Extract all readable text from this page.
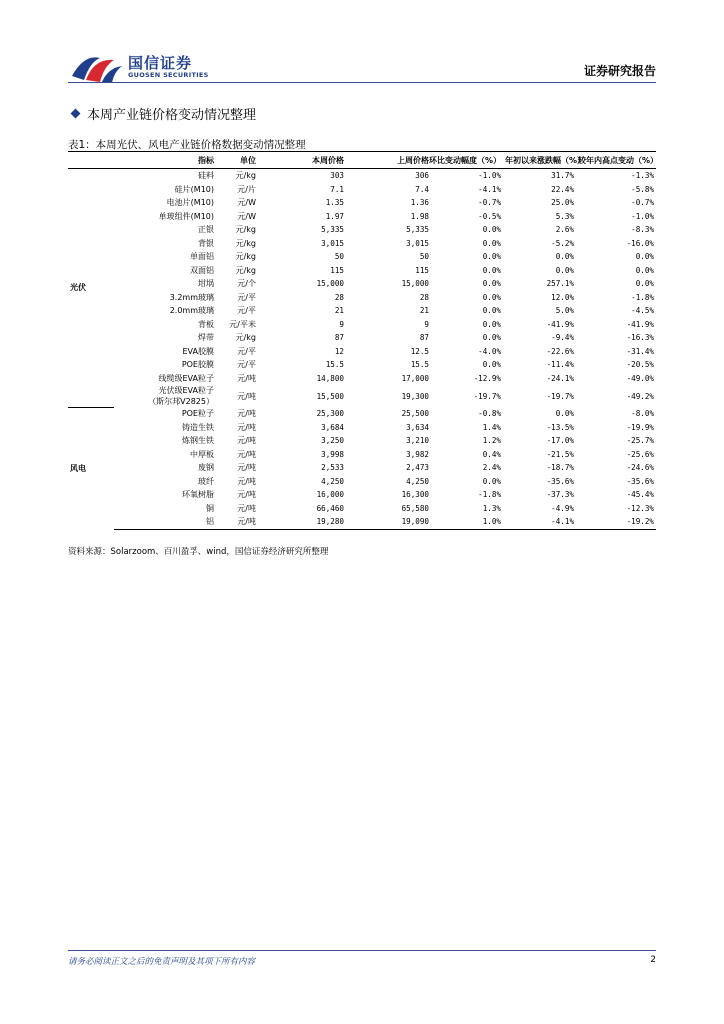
国信证券
GUOSEN SECURITIES	证券研究报告
本周产业链价格变动情况整理
表1：本周光伏、风电产业链价格数据变动情况整理
	指标	单位	本周价格	上周价格环比变动幅度（%）		年初以来涨跌幅（%）	较年内高点变动（%）
光伏	硅料	元/kg	303	306	-1.0%	31.7%	-1.3%
	硅片(M10)	元/片	7.1	7.4	-4.1%	22.4%	-5.8%
	电池片(M10)	元/W	1.35	1.36	-0.7%	25.0%	-0.7%
	单玻组件(M10)	元/W	1.97	1.98	-0.5%	5.3%	-1.0%
	正银	元/kg	5,335	5,335	0.0%	2.6%	-8.3%
	背银	元/kg	3,015	3,015	0.0%	-5.2%	-16.0%
	单面铝	元/kg	50	50	0.0%	0.0%	0.0%
	双面铝	元/kg	115	115	0.0%	0.0%	0.0%
	坩埚	元/个	15,000	15,000	0.0%	257.1%	0.0%
	3.2mm玻璃	元/平	28	28	0.0%	12.0%	-1.8%
	2.0mm玻璃	元/平	21	21	0.0%	5.0%	-4.5%
	背板	元/平米	9	9	0.0%	-41.9%	-41.9%
	焊带	元/kg	87	87	0.0%	-9.4%	-16.3%
	EVA胶膜	元/平	12	12.5	-4.0%	-22.6%	-31.4%
	POE胶膜	元/平	15.5	15.5	0.0%	-11.4%	-20.5%
	线缆级EVA粒子	元/吨	14,800	17,000	-12.9%	-24.1%	-49.0%

	光伏级EVA粒子
（斯尔邦V2825）	元/吨	15,500	19,300	-19.7%	-19.7%	-49.2%
风电	POE粒子	元/吨	25,300	25,500	-0.8%	0.0%	-8.0%
	铸造生铁	元/吨	3,684	3,634	1.4%	-13.5%	-19.9%
	炼钢生铁	元/吨	3,250	3,210	1.2%	-17.0%	-25.7%
	中厚板	元/吨	3,998	3,982	0.4%	-21.5%	-25.6%
	废钢	元/吨	2,533	2,473	2.4%	-18.7%	-24.6%
	玻纤	元/吨	4,250	4,250	0.0%	-35.6%	-35.6%
	环氧树脂	元/吨	16,000	16,300	-1.8%	-37.3%	-45.4%
	铜	元/吨	66,460	65,580	1.3%	-4.9%	-12.3%
	铝	元/吨	19,280	19,090	1.0%	-4.1%	-19.2%
资料来源：Solarzoom、百川盈孚、wind，国信证券经济研究所整理
请务必阅读正文之后的免责声明及其项下所有内容	2
